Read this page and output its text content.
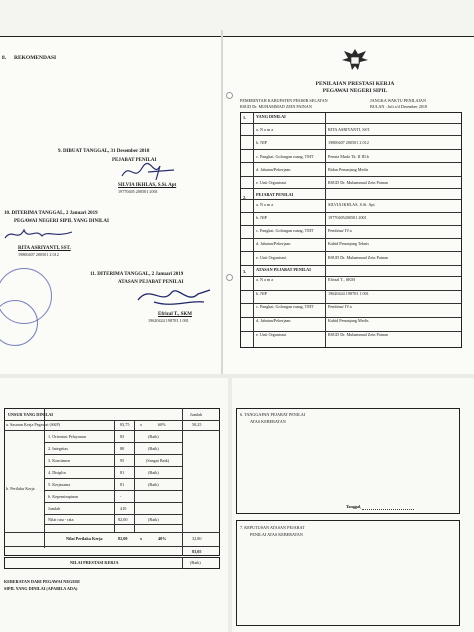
8. REKOMENDASI
9. DIBUAT TANGGAL, 31 Desember 2018
PEJABAT PENILAI
SILVIA IKHLAS, S.Si. Apt
19770405 200501 2001
10. DITERIMA TANGGAL, 2 Januari 2019
PEGAWAI NEGERI SIPIL YANG DINILAI
RITA ASRIYANTI, SST.
19800407 200501 2 012
11. DITERIMA TANGGAL, 2 Januari 2019
ATASAN PEJABAT PENILAI
Efrizal T., SKM
19620424 198703 1 001
PENILAIAN PRESTASI KERJA
PEGAWAI NEGERI SIPIL
PEMERINTAH KABUPATEN PESISIR SELATAN
RSUD Dr. MUHAMMAD ZEIN PAINAN
JANGKA WAKTU PENILAIAN
BULAN : Juli s/d Desember 2018
1. YANG DINILAI
2.
PEJABAT PENILAI
3. ATASAN PEJABAT PENILAI
a. N a m a	RITA ASRIYANTI, SST.
b. NIP	19800407 200501 2 012
c. Pangkat, Golongan ruang, TMT	Penata Muda Tk. II III.b
d. Jabatan/Pekerjaan	Bidan Penunjang Medis
e. Unit Organisasi	RSUD Dr. Muhammad Zein Painan
a. N a m a	SILVIA IKHLAS, S.Si. Apt
b. NIP	19770405200501 2001
c. Pangkat, Golongan ruang, TMT	Pembina/ IV.a
d. Jabatan/Pekerjaan	Kabid Penunjang Teknis
e. Unit Organisasi	RSUD Dr. Muhammad Zein Painan
a. N a m a	Efrizal T., SKM
b. NIP	19620424 198703 1 001
c. Pangkat, Golongan ruang, TMT	Pembina/ IV.a
d. Jabatan/Pekerjaan	Kabid Penunjang Medis
e. Unit Organisasi	RSUD Dr. Muhammad Zein Painan
UNSUR YANG DINILAI	Jumlah
a. Sasaran Kerja Pegawai (SKP)	83,75	x	60%	50,25
b. Perilaku Kerja
1. Orientasi Pelayanan	83	(Baik)
2. Integritas	80	(Baik)
3. Komitmen	95	(Sangat Baik)
4. Disiplin	81	(Baik)
5. Kerjasama	81	(Baik)
6. Kepemimpinan	-
Jumlah	410
Nilai rata - rata	82,00	(Baik)
Nilai Perilaku Kerja	82,00	x	40%	32,80
83,05
NILAI PRESTASI KERJA	(Baik)
KEBERATAN DARI PEGAWAI NEGERI
SIPIL YANG DINILAI (APABILA ADA)
6. TANGGAPAN PEJABAT PENILAI
ATAS KEBERATAN
Tanggal,
7. KEPUTUSAN ATASAN PEJABAT
PENILAI ATAS KEBERATAN
